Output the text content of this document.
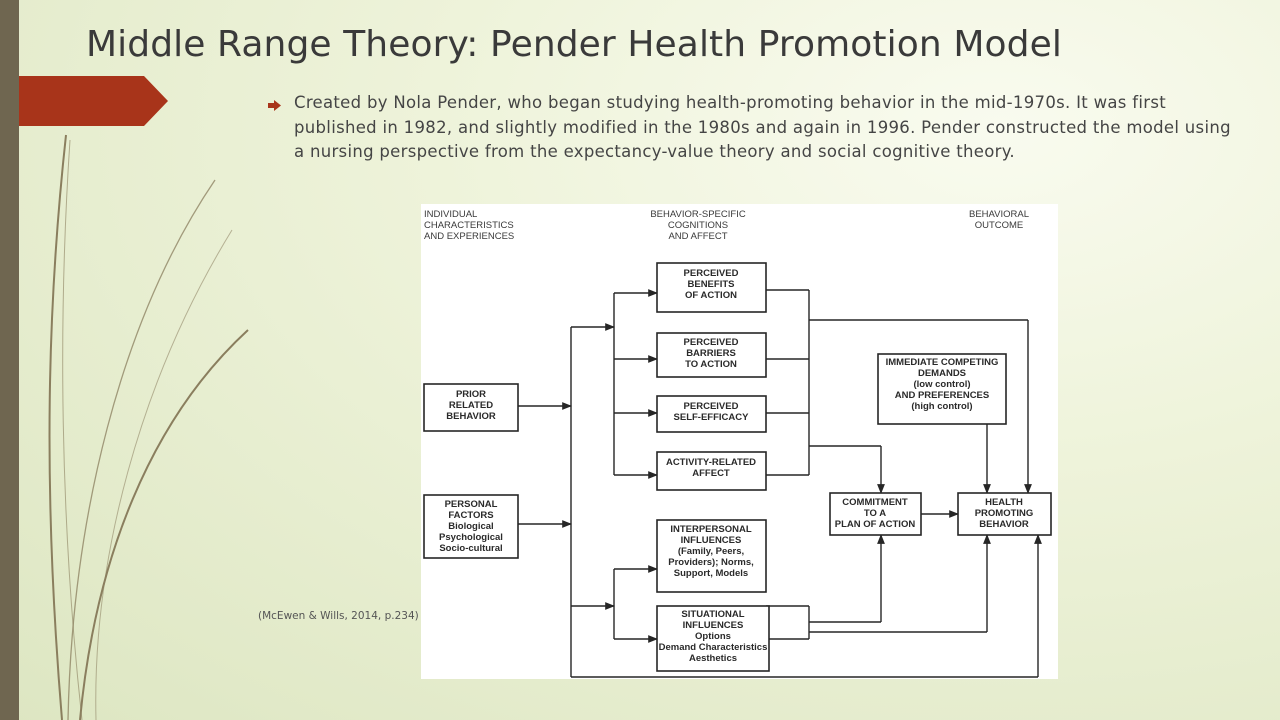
Middle Range Theory: Pender Health Promotion Model

Created by Nola Pender, who began studying health-promoting behavior in the mid-1970s. It was first published in 1982, and slightly modified in the 1980s and again in 1996. Pender constructed the model using a nursing perspective from the expectancy-value theory and social cognitive theory.

INDIVIDUAL
CHARACTERISTICS
AND EXPERIENCES
BEHAVIOR-SPECIFIC
COGNITIONS
AND AFFECT
BEHAVIORAL
OUTCOME
PRIOR
RELATED
BEHAVIOR
PERSONAL
FACTORS
Biological
Psychological
Socio-cultural
PERCEIVED
BENEFITS
OF ACTION
PERCEIVED
BARRIERS
TO ACTION
PERCEIVED
SELF-EFFICACY
ACTIVITY-RELATED
AFFECT
INTERPERSONAL
INFLUENCES
(Family, Peers,
Providers); Norms,
Support, Models
SITUATIONAL
INFLUENCES
Options
Demand Characteristics
Aesthetics
IMMEDIATE COMPETING
DEMANDS
(low control)
AND PREFERENCES
(high control)
COMMITMENT
TO A
PLAN OF ACTION
HEALTH
PROMOTING
BEHAVIOR

(McEwen & Wills, 2014, p.234)
